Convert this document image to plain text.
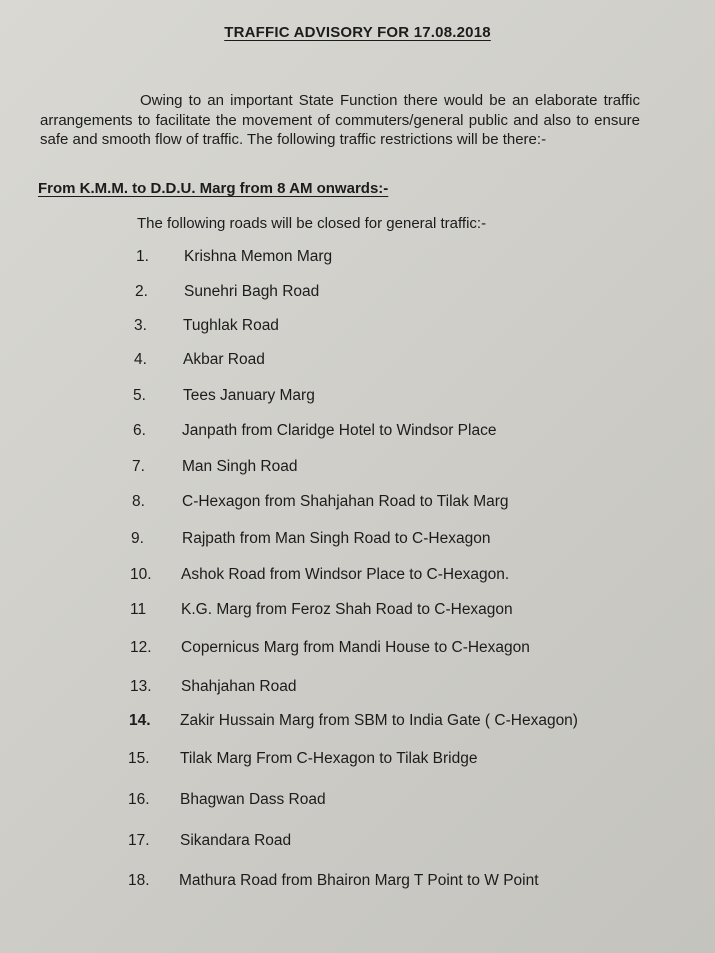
TRAFFIC ADVISORY FOR 17.08.2018
Owing to an important State Function there would be an elaborate traffic arrangements to facilitate the movement of commuters/general public and also to ensure safe and smooth flow of traffic. The following traffic restrictions will be there:-
From K.M.M. to D.D.U. Marg from 8 AM onwards:-
The following roads will be closed for general traffic:-
1. Krishna Memon Marg
2. Sunehri Bagh Road
3. Tughlak Road
4. Akbar Road
5. Tees January Marg
6. Janpath from Claridge Hotel to Windsor Place
7. Man Singh Road
8. C-Hexagon from Shahjahan Road to Tilak Marg
9. Rajpath from Man Singh Road to C-Hexagon
10. Ashok Road from Windsor Place to C-Hexagon.
11 K.G. Marg from Feroz Shah Road to C-Hexagon
12. Copernicus Marg from Mandi House to C-Hexagon
13. Shahjahan Road
14. Zakir Hussain Marg from SBM to India Gate ( C-Hexagon)
15. Tilak Marg From C-Hexagon to Tilak Bridge
16. Bhagwan Dass Road
17. Sikandara Road
18. Mathura Road from Bhairon Marg T Point to W Point
